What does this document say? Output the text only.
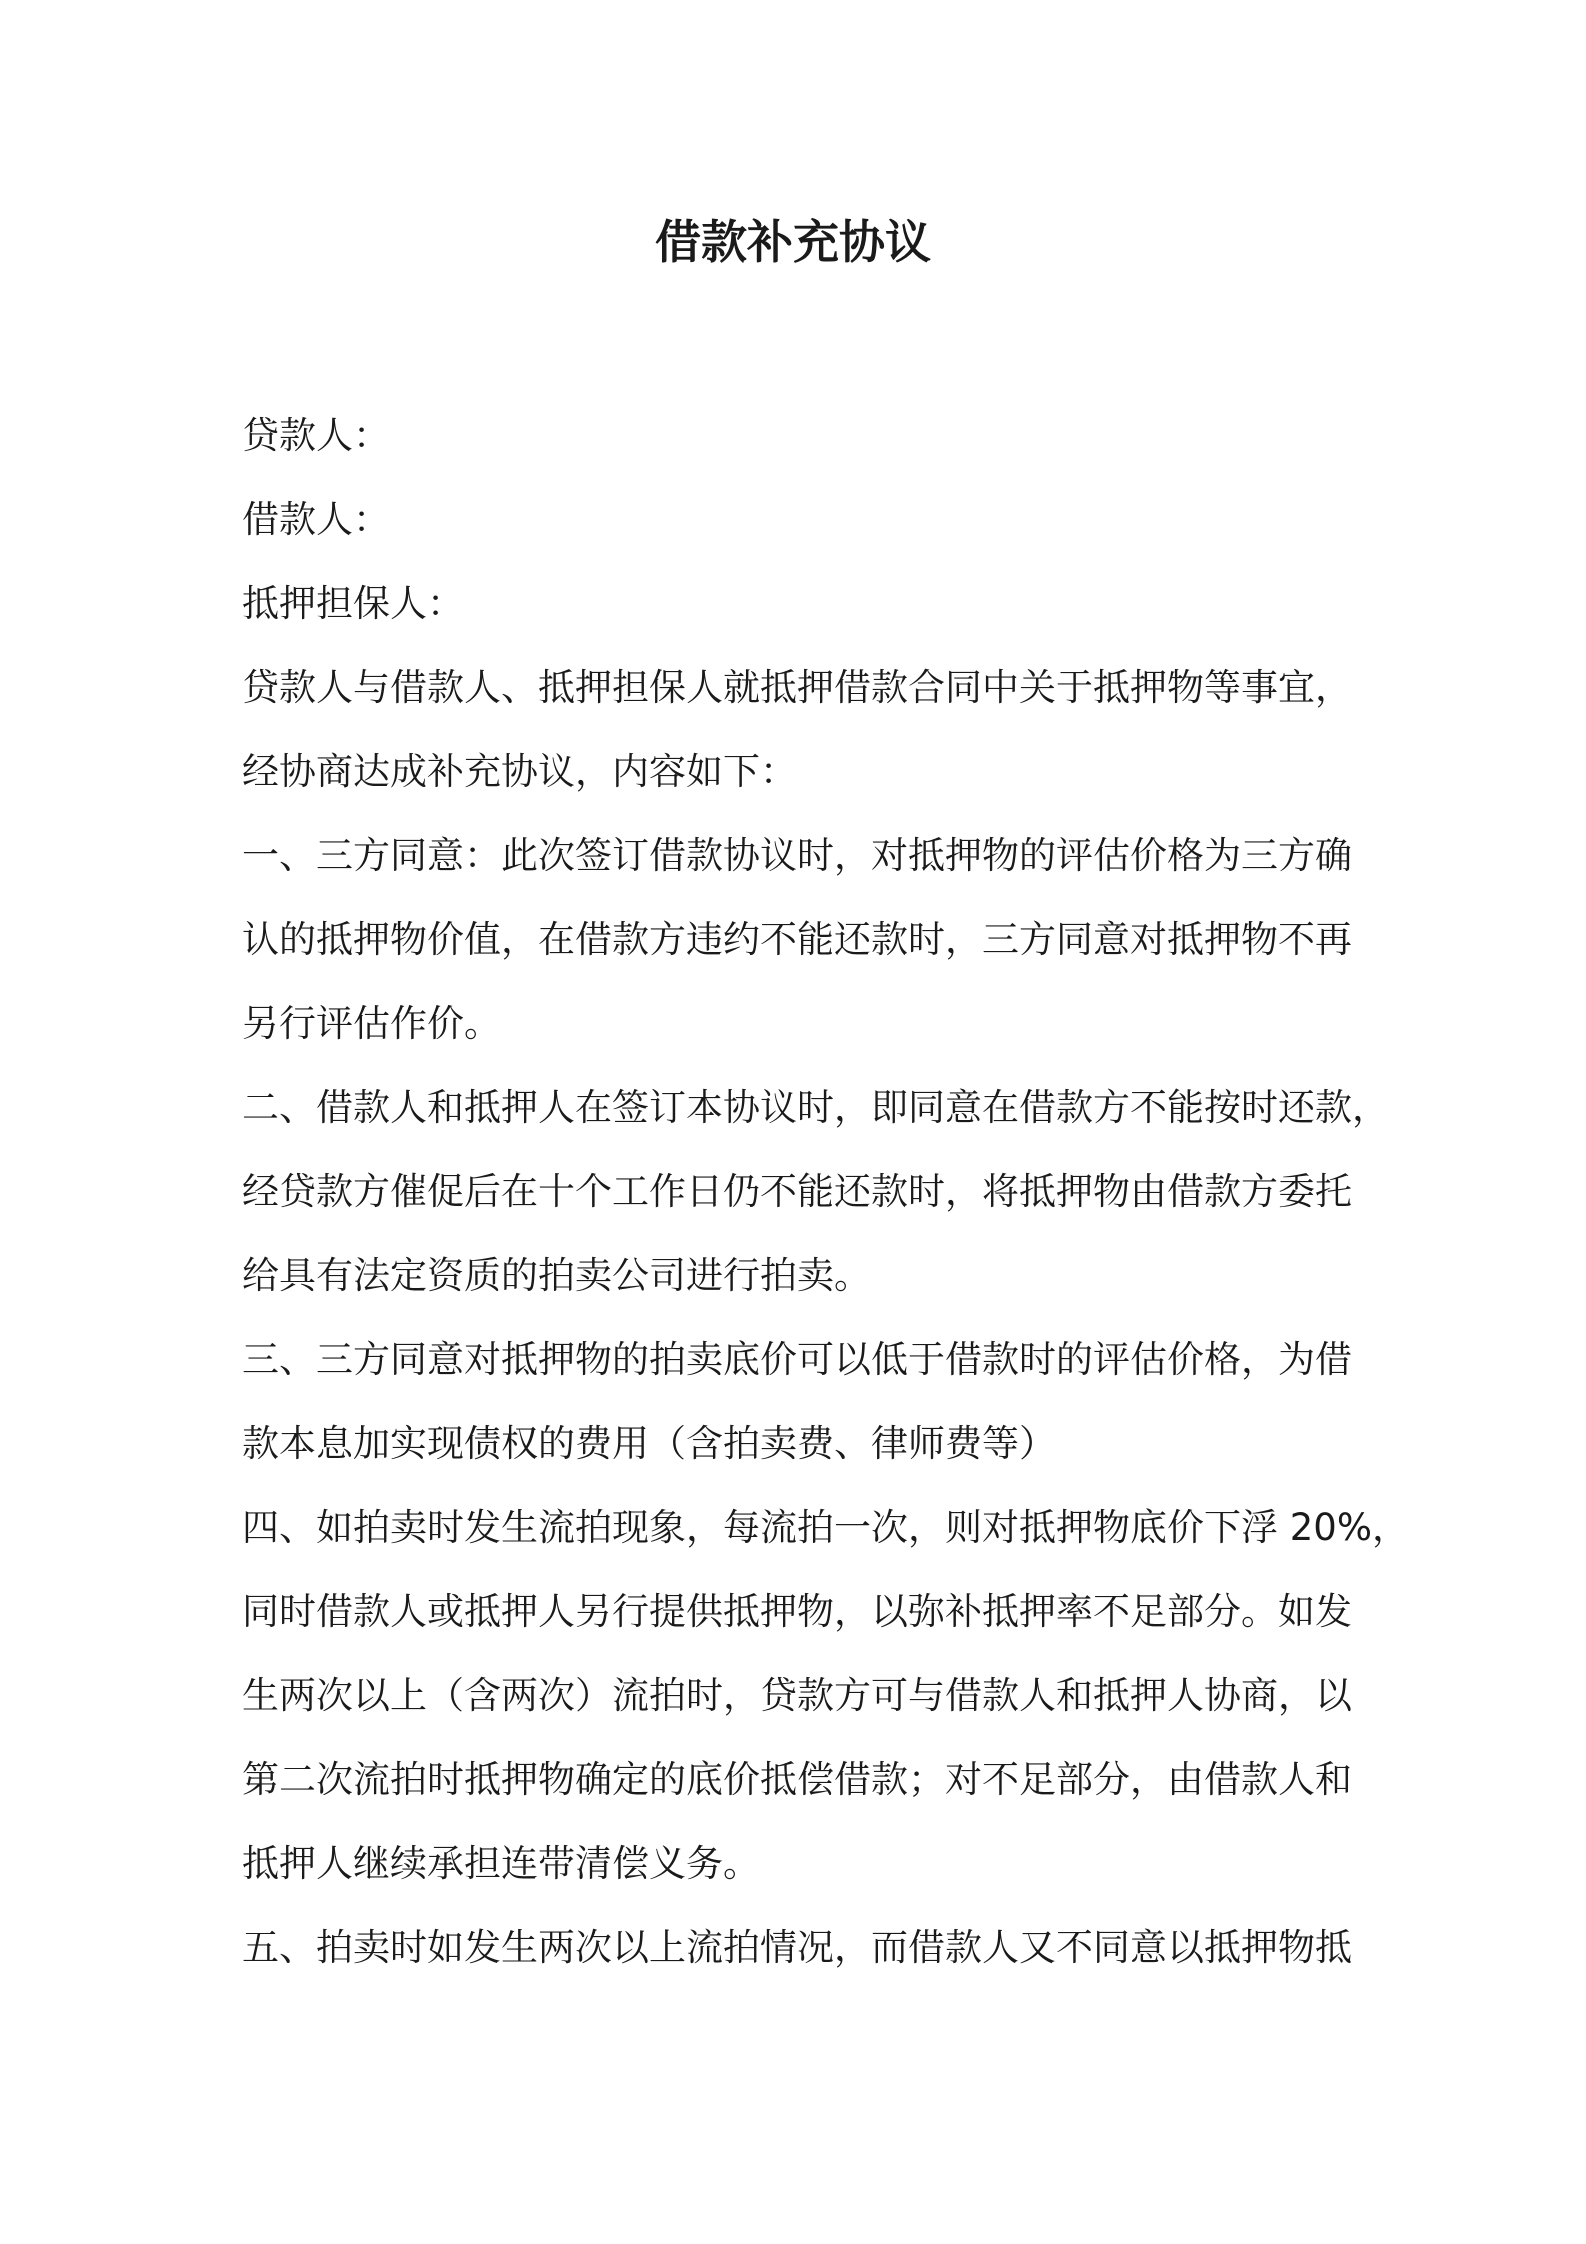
借款补充协议
贷款人：
借款人：
抵押担保人：
贷款人与借款人、抵押担保人就抵押借款合同中关于抵押物等事宜，
经协商达成补充协议，内容如下：
一、三方同意：此次签订借款协议时，对抵押物的评估价格为三方确
认的抵押物价值，在借款方违约不能还款时，三方同意对抵押物不再
另行评估作价。
二、借款人和抵押人在签订本协议时，即同意在借款方不能按时还款，
经贷款方催促后在十个工作日仍不能还款时，将抵押物由借款方委托
给具有法定资质的拍卖公司进行拍卖。
三、三方同意对抵押物的拍卖底价可以低于借款时的评估价格，为借
款本息加实现债权的费用（含拍卖费、律师费等）
四、如拍卖时发生流拍现象，每流拍一次，则对抵押物底价下浮 20%，
同时借款人或抵押人另行提供抵押物，以弥补抵押率不足部分。如发
生两次以上（含两次）流拍时，贷款方可与借款人和抵押人协商，以
第二次流拍时抵押物确定的底价抵偿借款；对不足部分，由借款人和
抵押人继续承担连带清偿义务。
五、拍卖时如发生两次以上流拍情况，而借款人又不同意以抵押物抵
